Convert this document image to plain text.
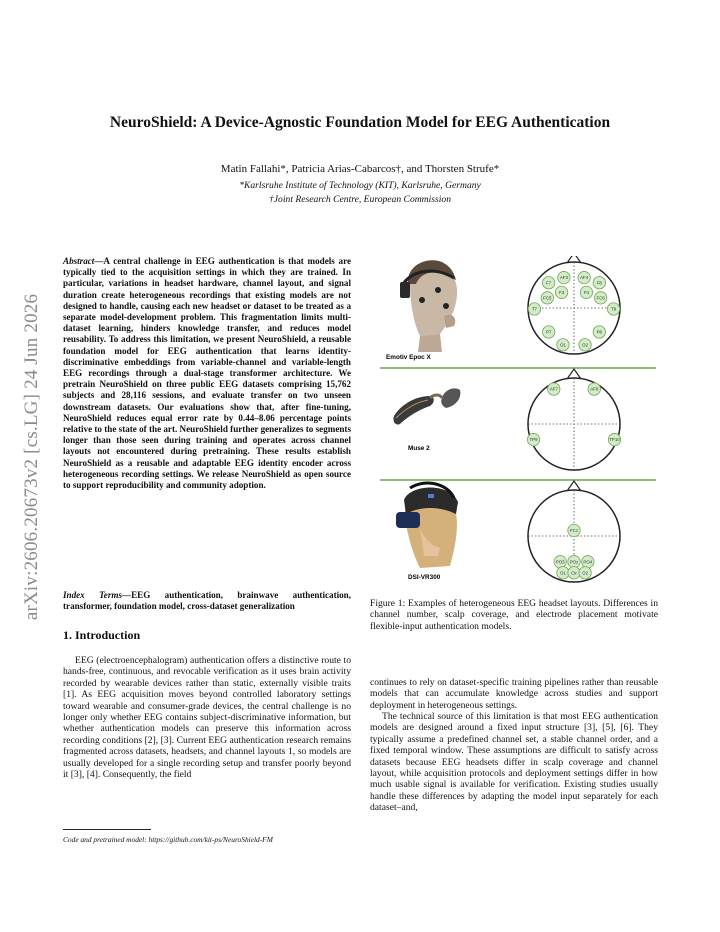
arXiv:2606.20673v2 [cs.LG] 24 Jun 2026
NeuroShield: A Device-Agnostic Foundation Model for EEG Authentication
Matin Fallahi*, Patricia Arias-Cabarcos†, and Thorsten Strufe*
*Karlsruhe Institute of Technology (KIT), Karlsruhe, Germany
†Joint Research Centre, European Commission
Abstract—A central challenge in EEG authentication is that models are typically tied to the acquisition settings in which they are trained. In particular, variations in headset hardware, channel layout, and signal duration create heterogeneous recordings that existing models are not designed to handle, causing each new headset or dataset to be treated as a separate model-development problem. This fragmentation limits multi-dataset learning, hinders knowledge transfer, and reduces model reusability. To address this limitation, we present NeuroShield, a reusable foundation model for EEG authentication that learns identity-discriminative embeddings from variable-channel and variable-length EEG recordings through a dual-stage transformer architecture. We pretrain NeuroShield on three public EEG datasets comprising 15,762 subjects and 28,116 sessions, and evaluate transfer on two unseen downstream datasets. Our evaluations show that, after fine-tuning, NeuroShield reduces equal error rate by 0.44–8.06 percentage points relative to the state of the art. NeuroShield further generalizes to segments longer than those seen during training and operates across channel layouts not encountered during pretraining. These results establish NeuroShield as a reusable and adaptable EEG identity encoder across heterogeneous recording settings. We release NeuroShield as open source to support reproducibility and community adoption.
Index Terms—EEG authentication, brainwave authentication, transformer, foundation model, cross-dataset generalization
1. Introduction
EEG (electroencephalogram) authentication offers a distinctive route to hands-free, continuous, and revocable verification as it uses brain activity recorded by wearable devices rather than static, externally visible traits [1]. As EEG acquisition moves beyond controlled laboratory settings toward wearable and consumer-grade devices, the central challenge is no longer only whether EEG contains subject-discriminative information, but whether authentication models can preserve this information across recording conditions [2], [3]. Current EEG authentication research remains fragmented across datasets, headsets, and channel layouts 1, so models are usually developed for a single recording setup and transfer poorly beyond it [3], [4]. Consequently, the field
Code and pretrained model: https://github.com/kit-ps/NeuroShield-FM
Emotiv Epoc X
F7
AF3	AF4
F8
FC5
F3	F4
FC6
T7	T8
P7	P8
O1	O2
Muse 2
AF7	AF8
TP9	TP10
DSI-VR300
FCz
PO3 POz PO4
O1 Oz O2
Figure 1: Examples of heterogeneous EEG headset layouts. Differences in channel number, scalp coverage, and electrode placement motivate flexible-input authentication models.
continues to rely on dataset-specific training pipelines rather than reusable models that can accumulate knowledge across studies and support deployment in heterogeneous settings.
The technical source of this limitation is that most EEG authentication models are designed around a fixed input structure [3], [5], [6]. They typically assume a predefined channel set, a stable channel order, and a fixed temporal window. These assumptions are difficult to satisfy across datasets because EEG headsets differ in scalp coverage and channel layout, while acquisition protocols and deployment settings differ in how much usable signal is available for verification. Existing studies usually handle these differences by adapting the model input separately for each dataset–and,
